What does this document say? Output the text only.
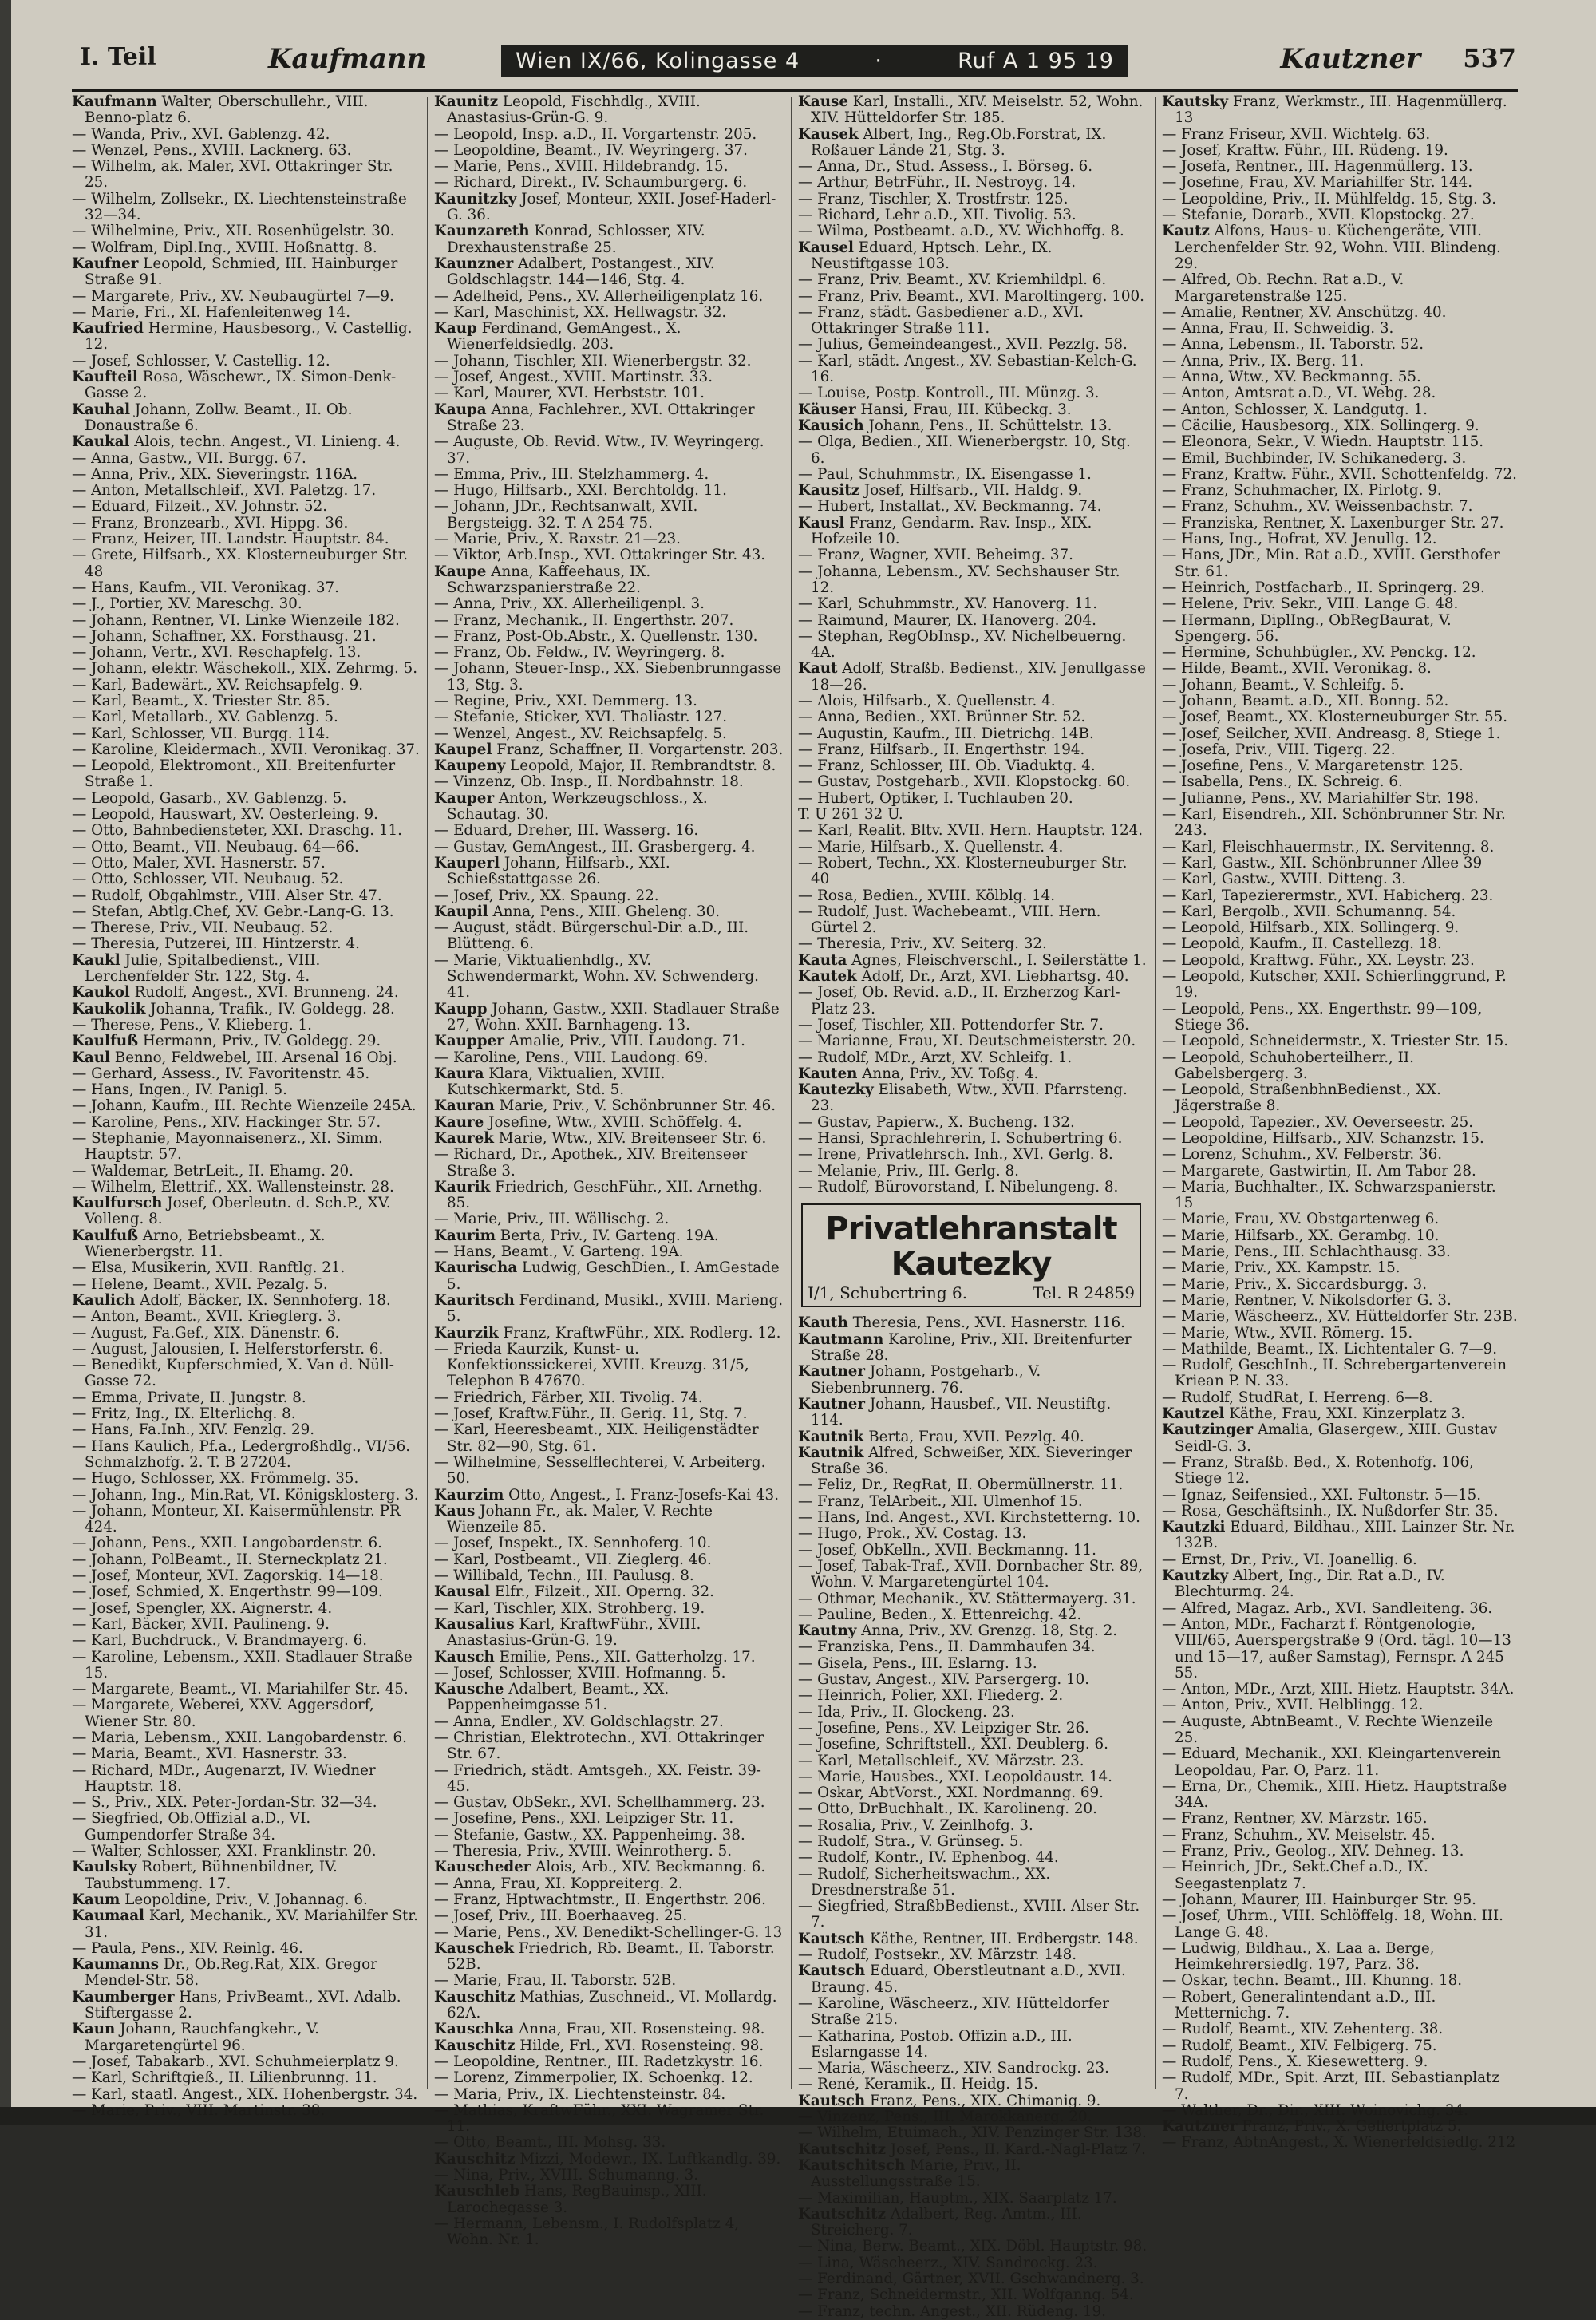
I. Teil	Kaufmann	Wien IX/66, Kolingasse 4	·	Ruf A 1 95 19	Kautzner 537

Kaufmann Walter, Oberschullehr., VIII. Benno-platz 6.

— Wanda, Priv., XVI. Gablenzg. 42.

— Wenzel, Pens., XVIII. Lacknerg. 63.

— Wilhelm, ak. Maler, XVI. Ottakringer Str. 25.

— Wilhelm, Zollsekr., IX. Liechtensteinstraße 32—34.

— Wilhelmine, Priv., XII. Rosenhügelstr. 30.

— Wolfram, Dipl.Ing., XVIII. Hoßnattg. 8.

Kaufner Leopold, Schmied, III. Hainburger Straße 91.

— Margarete, Priv., XV. Neubaugürtel 7—9.

— Marie, Fri., XI. Hafenleitenweg 14.

Kaufried Hermine, Hausbesorg., V. Castellig. 12.

— Josef, Schlosser, V. Castellig. 12.

Kaufteil Rosa, Wäschewr., IX. Simon-Denk-Gasse 2.

Kauhal Johann, Zollw. Beamt., II. Ob. Donaustraße 6.

Kaukal Alois, techn. Angest., VI. Linieng. 4.

— Anna, Gastw., VII. Burgg. 67.

— Anna, Priv., XIX. Sieveringstr. 116A.

— Anton, Metallschleif., XVI. Paletzg. 17.

— Eduard, Filzeit., XV. Johnstr. 52.

— Franz, Bronzearb., XVI. Hippg. 36.

— Franz, Heizer, III. Landstr. Hauptstr. 84.

— Grete, Hilfsarb., XX. Klosterneuburger Str. 48

— Hans, Kaufm., VII. Veronikag. 37.

— J., Portier, XV. Mareschg. 30.

— Johann, Rentner, VI. Linke Wienzeile 182.

— Johann, Schaffner, XX. Forsthausg. 21.

— Johann, Vertr., XVI. Reschapfelg. 13.

— Johann, elektr. Wäschekoll., XIX. Zehrmg. 5.

— Karl, Badewärt., XV. Reichsapfelg. 9.

— Karl, Beamt., X. Triester Str. 85.

— Karl, Metallarb., XV. Gablenzg. 5.

— Karl, Schlosser, VII. Burgg. 114.

— Karoline, Kleidermach., XVII. Veronikag. 37.

— Leopold, Elektromont., XII. Breitenfurter Straße 1.

— Leopold, Gasarb., XV. Gablenzg. 5.

— Leopold, Hauswart, XV. Oesterleing. 9.

— Otto, Bahnbediensteter, XXI. Draschg. 11.

— Otto, Beamt., VII. Neubaug. 64—66.

— Otto, Maler, XVI. Hasnerstr. 57.

— Otto, Schlosser, VII. Neubaug. 52.

— Rudolf, Obgahlmstr., VIII. Alser Str. 47.

— Stefan, Abtlg.Chef, XV. Gebr.-Lang-G. 13.

— Therese, Priv., VII. Neubaug. 52.

— Theresia, Putzerei, III. Hintzerstr. 4.

Kaukl Julie, Spitalbedienst., VIII. Lerchenfelder Str. 122, Stg. 4.

Kaukol Rudolf, Angest., XVI. Brunneng. 24.

Kaukolik Johanna, Trafik., IV. Goldegg. 28.

— Therese, Pens., V. Klieberg. 1.

Kaulfuß Hermann, Priv., IV. Goldegg. 29.

Kaul Benno, Feldwebel, III. Arsenal 16 Obj.

— Gerhard, Assess., IV. Favoritenstr. 45.

— Hans, Ingen., IV. Panigl. 5.

— Johann, Kaufm., III. Rechte Wienzeile 245A.

— Karoline, Pens., XIV. Hackinger Str. 57.

— Stephanie, Mayonnaisenerz., XI. Simm. Hauptstr. 57.

— Waldemar, BetrLeit., II. Ehamg. 20.

— Wilhelm, Elettrif., XX. Wallensteinstr. 28.

Kaulfursch Josef, Oberleutn. d. Sch.P., XV. Volleng. 8.

Kaulfuß Arno, Betriebsbeamt., X. Wienerbergstr. 11.

— Elsa, Musikerin, XVII. Ranftlg. 21.

— Helene, Beamt., XVII. Pezalg. 5.

Kaulich Adolf, Bäcker, IX. Sennhoferg. 18.

— Anton, Beamt., XVII. Krieglerg. 3.

— August, Fa.Gef., XIX. Dänenstr. 6.

— August, Jalousien, I. Helferstorferstr. 6.

— Benedikt, Kupferschmied, X. Van d. Nüll-Gasse 72.

— Emma, Private, II. Jungstr. 8.

— Fritz, Ing., IX. Elterlichg. 8.

— Hans, Fa.Inh., XIV. Fenzlg. 29.

— Hans Kaulich, Pf.a., Ledergroßhdlg., VI/56. Schmalzhofg. 2. T. B 27204.

— Hugo, Schlosser, XX. Frömmelg. 35.

— Johann, Ing., Min.Rat, VI. Königsklosterg. 3.

— Johann, Monteur, XI. Kaisermühlenstr. PR 424.

— Johann, Pens., XXII. Langobardenstr. 6.

— Johann, PolBeamt., II. Sterneckplatz 21.

— Josef, Monteur, XVI. Zagorskig. 14—18.

— Josef, Schmied, X. Engerthstr. 99—109.

— Josef, Spengler, XX. Aignerstr. 4.

— Karl, Bäcker, XVII. Paulineng. 9.

— Karl, Buchdruck., V. Brandmayerg. 6.

— Karoline, Lebensm., XXII. Stadlauer Straße 15.

— Margarete, Beamt., VI. Mariahilfer Str. 45.

— Margarete, Weberei, XXV. Aggersdorf, Wiener Str. 80.

— Maria, Lebensm., XXII. Langobardenstr. 6.

— Maria, Beamt., XVI. Hasnerstr. 33.

— Richard, MDr., Augenarzt, IV. Wiedner Hauptstr. 18.

— S., Priv., XIX. Peter-Jordan-Str. 32—34.

— Siegfried, Ob.Offizial a.D., VI. Gumpendorfer Straße 34.

— Walter, Schlosser, XXI. Franklinstr. 20.

Kaulsky Robert, Bühnenbildner, IV. Taubstummeng. 17.

Kaum Leopoldine, Priv., V. Johannag. 6.

Kaumaal Karl, Mechanik., XV. Mariahilfer Str. 31.

— Paula, Pens., XIV. Reinlg. 46.

Kaumanns Dr., Ob.Reg.Rat, XIX. Gregor Mendel-Str. 58.

Kaumberger Hans, PrivBeamt., XVI. Adalb. Stiftergasse 2.

Kaun Johann, Rauchfangkehr., V. Margaretengürtel 96.

— Josef, Tabakarb., XVI. Schuhmeierplatz 9.

— Karl, Schriftgieß., II. Lilienbrunng. 11.

— Karl, staatl. Angest., XIX. Hohenbergstr. 34.

— Marie, Priv., VIII. Martinstr. 38.

Kaunitz Leopold, Fischhdlg., XVIII. Anastasius-Grün-G. 9.

— Leopold, Insp. a.D., II. Vorgartenstr. 205.

— Leopoldine, Beamt., IV. Weyringerg. 37.

— Marie, Pens., XVIII. Hildebrandg. 15.

— Richard, Direkt., IV. Schaumburgerg. 6.

Kaunitzky Josef, Monteur, XXII. Josef-Haderl-G. 36.

Kaunzareth Konrad, Schlosser, XIV. Drexhaustenstraße 25.

Kaunzner Adalbert, Postangest., XIV. Goldschlagstr. 144—146, Stg. 4.

— Adelheid, Pens., XV. Allerheiligenplatz 16.

— Karl, Maschinist, XX. Hellwagstr. 32.

Kaup Ferdinand, GemAngest., X. Wienerfeldsiedlg. 203.

— Johann, Tischler, XII. Wienerbergstr. 32.

— Josef, Angest., XVIII. Martinstr. 33.

— Karl, Maurer, XVI. Herbststr. 101.

Kaupa Anna, Fachlehrer., XVI. Ottakringer Straße 23.

— Auguste, Ob. Revid. Wtw., IV. Weyringerg. 37.

— Emma, Priv., III. Stelzhammerg. 4.

— Hugo, Hilfsarb., XXI. Berchtoldg. 11.

— Johann, JDr., Rechtsanwalt, XVII. Bergsteigg. 32. T. A 254 75.

— Marie, Priv., X. Raxstr. 21—23.

— Viktor, Arb.Insp., XVI. Ottakringer Str. 43.

Kaupe Anna, Kaffeehaus, IX. Schwarzspanierstraße 22.

— Anna, Priv., XX. Allerheiligenpl. 3.

— Franz, Mechanik., II. Engerthstr. 207.

— Franz, Post-Ob.Abstr., X. Quellenstr. 130.

— Franz, Ob. Feldw., IV. Weyringerg. 8.

— Johann, Steuer-Insp., XX. Siebenbrunngasse 13, Stg. 3.

— Regine, Priv., XXI. Demmerg. 13.

— Stefanie, Sticker, XVI. Thaliastr. 127.

— Wenzel, Angest., XV. Reichsapfelg. 5.

Kaupel Franz, Schaffner, II. Vorgartenstr. 203.

Kaupeny Leopold, Major, II. Rembrandtstr. 8.

— Vinzenz, Ob. Insp., II. Nordbahnstr. 18.

Kauper Anton, Werkzeugschloss., X. Schautag. 30.

— Eduard, Dreher, III. Wasserg. 16.

— Gustav, GemAngest., III. Grasbergerg. 4.

Kauperl Johann, Hilfsarb., XXI. Schießstattgasse 26.

— Josef, Priv., XX. Spaung. 22.

Kaupil Anna, Pens., XIII. Gheleng. 30.

— August, städt. Bürgerschul-Dir. a.D., III. Blütteng. 6.

— Marie, Viktualienhdlg., XV. Schwendermarkt, Wohn. XV. Schwenderg. 41.

Kaupp Johann, Gastw., XXII. Stadlauer Straße 27, Wohn. XXII. Barnhageng. 13.

Kaupper Amalie, Priv., VIII. Laudong. 71.

— Karoline, Pens., VIII. Laudong. 69.

Kaura Klara, Viktualien, XVIII. Kutschkermarkt, Std. 5.

Kauran Marie, Priv., V. Schönbrunner Str. 46.

Kaure Josefine, Wtw., XVIII. Schöffelg. 4.

Kaurek Marie, Wtw., XIV. Breitenseer Str. 6.

— Richard, Dr., Apothek., XIV. Breitenseer Straße 3.

Kaurik Friedrich, GeschFühr., XII. Arnethg. 85.

— Marie, Priv., III. Wällischg. 2.

Kaurim Berta, Priv., IV. Garteng. 19A.

— Hans, Beamt., V. Garteng. 19A.

Kaurischa Ludwig, GeschDien., I. AmGestade 5.

Kauritsch Ferdinand, Musikl., XVIII. Marieng. 5.

Kaurzik Franz, KraftwFühr., XIX. Rodlerg. 12.

— Frieda Kaurzik, Kunst- u. Konfektionssickerei, XVIII. Kreuzg. 31/5, Telephon B 47670.

— Friedrich, Färber, XII. Tivolig. 74.

— Josef, Kraftw.Führ., II. Gerig. 11, Stg. 7.

— Karl, Heeresbeamt., XIX. Heiligenstädter Str. 82—90, Stg. 61.

— Wilhelmine, Sesselflechterei, V. Arbeiterg. 50.

Kaurzim Otto, Angest., I. Franz-Josefs-Kai 43.

Kaus Johann Fr., ak. Maler, V. Rechte Wienzeile 85.

— Josef, Inspekt., IX. Sennhoferg. 10.

— Karl, Postbeamt., VII. Zieglerg. 46.

— Willibald, Techn., III. Paulusg. 8.

Kausal Elfr., Filzeit., XII. Operng. 32.

— Karl, Tischler, XIX. Strohberg. 19.

Kausalius Karl, KraftwFühr., XVIII. Anastasius-Grün-G. 19.

Kausch Emilie, Pens., XII. Gatterholzg. 17.

— Josef, Schlosser, XVIII. Hofmanng. 5.

Kausche Adalbert, Beamt., XX. Pappenheimgasse 51.

— Anna, Endler., XV. Goldschlagstr. 27.

— Christian, Elektrotechn., XVI. Ottakringer Str. 67.

— Friedrich, städt. Amtsgeh., XX. Feistr. 39-45.

— Gustav, ObSekr., XVI. Schellhammerg. 23.

— Josefine, Pens., XXI. Leipziger Str. 11.

— Stefanie, Gastw., XX. Pappenheimg. 38.

— Theresia, Priv., XVIII. Weinrotherg. 5.

Kauscheder Alois, Arb., XIV. Beckmanng. 6.

— Anna, Frau, XI. Koppreiterg. 2.

— Franz, Hptwachtmstr., II. Engerthstr. 206.

— Josef, Priv., III. Boerhaaveg. 25.

— Marie, Pens., XV. Benedikt-Schellinger-G. 13

Kauschek Friedrich, Rb. Beamt., II. Taborstr. 52B.

— Marie, Frau, II. Taborstr. 52B.

Kauschitz Mathias, Zuschneid., VI. Mollardg. 62A.

Kauschka Anna, Frau, XII. Rosensteing. 98.

Kauschitz Hilde, Frl., XVI. Rosensteing. 98.

— Leopoldine, Rentner., III. Radetzkystr. 16.

— Lorenz, Zimmerpolier, IX. Schoenkg. 12.

— Maria, Priv., IX. Liechtensteinstr. 84.

— Mathias, KraftwFühr., XXI. Wagramer Str. 11.

— Otto, Beamt., III. Mohsg. 33.

Kauschitz Mizzi, Modewr., IX. Luftkandlg. 39.

— Nina, Priv., XVIII. Schumanng. 3.

Kauschleb Hans, RegBauinsp., XIII. Larochegasse 3.

— Hermann, Lebensm., I. Rudolfsplatz 4, Wohn. Nr. 1.

Kause Karl, Installi., XIV. Meiselstr. 52, Wohn. XIV. Hütteldorfer Str. 185.

Kausek Albert, Ing., Reg.Ob.Forstrat, IX. Roßauer Lände 21, Stg. 3.

— Anna, Dr., Stud. Assess., I. Börseg. 6.

— Arthur, BetrFühr., II. Nestroyg. 14.

— Franz, Tischler, X. Trostfrstr. 125.

— Richard, Lehr a.D., XII. Tivolig. 53.

— Wilma, Postbeamt. a.D., XV. Wichhoffg. 8.

Kausel Eduard, Hptsch. Lehr., IX. Neustiftgasse 103.

— Franz, Priv. Beamt., XV. Kriemhildpl. 6.

— Franz, Priv. Beamt., XVI. Maroltingerg. 100.

— Franz, städt. Gasbediener a.D., XVI. Ottakringer Straße 111.

— Julius, Gemeindeangest., XVII. Pezzlg. 58.

— Karl, städt. Angest., XV. Sebastian-Kelch-G. 16.

— Louise, Postp. Kontroll., III. Münzg. 3.

Käuser Hansi, Frau, III. Kübeckg. 3.

Kausich Johann, Pens., II. Schüttelstr. 13.

— Olga, Bedien., XII. Wienerbergstr. 10, Stg. 6.

— Paul, Schuhmmstr., IX. Eisengasse 1.

Kausitz Josef, Hilfsarb., VII. Haldg. 9.

— Hubert, Installat., XV. Beckmanng. 74.

Kausl Franz, Gendarm. Rav. Insp., XIX. Hofzeile 10.

— Franz, Wagner, XVII. Beheimg. 37.

— Johanna, Lebensm., XV. Sechshauser Str. 12.

— Karl, Schuhmmstr., XV. Hanoverg. 11.

— Raimund, Maurer, IX. Hanoverg. 204.

— Stephan, RegObInsp., XV. Nichelbeuerng. 4A.

Kaut Adolf, Straßb. Bedienst., XIV. Jenullgasse 18—26.

— Alois, Hilfsarb., X. Quellenstr. 4.

— Anna, Bedien., XXI. Brünner Str. 52.

— Augustin, Kaufm., III. Dietrichg. 14B.

— Franz, Hilfsarb., II. Engerthstr. 194.

— Franz, Schlosser, III. Ob. Viaduktg. 4.

— Gustav, Postgeharb., XVII. Klopstockg. 60.

— Hubert, Optiker, I. Tuchlauben 20.

T. U 261 32 U.

— Karl, Realit. Bltv. XVII. Hern. Hauptstr. 124.

— Marie, Hilfsarb., X. Quellenstr. 4.

— Robert, Techn., XX. Klosterneuburger Str. 40

— Rosa, Bedien., XVIII. Kölblg. 14.

— Rudolf, Just. Wachebeamt., VIII. Hern. Gürtel 2.

— Theresia, Priv., XV. Seiterg. 32.

Kauta Agnes, Fleischverschl., I. Seilerstätte 1.

Kautek Adolf, Dr., Arzt, XVI. Liebhartsg. 40.

— Josef, Ob. Revid. a.D., II. Erzherzog Karl-Platz 23.

— Josef, Tischler, XII. Pottendorfer Str. 7.

— Marianne, Frau, XI. Deutschmeisterstr. 20.

— Rudolf, MDr., Arzt, XV. Schleifg. 1.

Kauten Anna, Priv., XV. Toßg. 4.

Kautezky Elisabeth, Wtw., XVII. Pfarrsteng. 23.

— Gustav, Papierw., X. Bucheng. 132.

— Hansi, Sprachlehrerin, I. Schubertring 6.

— Irene, Privatlehrsch. Inh., XVI. Gerlg. 8.

— Melanie, Priv., III. Gerlg. 8.

— Rudolf, Bürovorstand, I. Nibelungeng. 8.

Privatlehranstalt Kautezky
I/1, Schubertring 6.	Tel. R 24859

Kauth Theresia, Pens., XVI. Hasnerstr. 116.

Kautmann Karoline, Priv., XII. Breitenfurter Straße 28.

Kautner Johann, Postgeharb., V. Siebenbrunnerg. 76.

Kautner Johann, Hausbef., VII. Neustiftg. 114.

Kautnik Berta, Frau, XVII. Pezzlg. 40.

Kautnik Alfred, Schweißer, XIX. Sieveringer Straße 36.

— Feliz, Dr., RegRat, II. Obermüllnerstr. 11.

— Franz, TelArbeit., XII. Ulmenhof 15.

— Hans, Ind. Angest., XVI. Kirchstetterng. 10.

— Hugo, Prok., XV. Costag. 13.

— Josef, ObKelln., XVII. Beckmanng. 11.

— Josef, Tabak-Traf., XVII. Dornbacher Str. 89, Wohn. V. Margaretengürtel 104.

— Othmar, Mechanik., XV. Stättermayerg. 31.

— Pauline, Beden., X. Ettenreichg. 42.

Kautny Anna, Priv., XV. Grenzg. 18, Stg. 2.

— Franziska, Pens., II. Dammhaufen 34.

— Gisela, Pens., III. Eslarng. 13.

— Gustav, Angest., XIV. Parsergerg. 10.

— Heinrich, Polier, XXI. Fliederg. 2.

— Ida, Priv., II. Glockeng. 23.

— Josefine, Pens., XV. Leipziger Str. 26.

— Josefine, Schriftstell., XXI. Deublerg. 6.

— Karl, Metallschleif., XV. Märzstr. 23.

— Marie, Hausbes., XXI. Leopoldaustr. 14.

— Oskar, AbtVorst., XXI. Nordmanng. 69.

— Otto, DrBuchhalt., IX. Karolineng. 20.

— Rosalia, Priv., V. Zeinlhofg. 3.

— Rudolf, Stra., V. Grünseg. 5.

— Rudolf, Kontr., IV. Ephenbog. 44.

— Rudolf, Sicherheitswachm., XX. Dresdnerstraße 51.

— Siegfried, StraßbBedienst., XVIII. Alser Str. 7.

Kautsch Käthe, Rentner, III. Erdbergstr. 148.

— Rudolf, Postsekr., XV. Märzstr. 148.

Kautsch Eduard, Oberstleutnant a.D., XVII. Braung. 45.

— Karoline, Wäscheerz., XIV. Hütteldorfer Straße 215.

— Katharina, Postob. Offizin a.D., III. Eslarngasse 14.

— Maria, Wäscheerz., XIV. Sandrockg. 23.

— René, Keramik., II. Heidg. 15.

Kautsch Franz, Pens., XIX. Chimanig. 9.

— Vinzenz, Pens., III. Marokkanerg. 20.

— Wilhelm, Etuimach., XIV. Penzinger Str. 138.

Kautschitz Josef, Pens., II. Kard.-Nagl-Platz 7.

Kautschitsch Marie, Priv., II. Ausstellungsstraße 15.

— Maximilian, Hauptm., XIX. Saarplatz 17.

Kautschitz Adalbert, Reg. Amtm., III. Streicherg. 7.

— Nina, Berw. Beamt., XIX. Döbl. Hauptstr. 98.

— Lina, Wäscheerz., XIV. Sandrockg. 23.

— Ferdinand, Gärtner, XVII. Gschwandnerg. 3.

— Franz, Schneidermstr., XII. Wolfganng. 54.

— Franz, techn. Angest., XII. Rüdeng. 19.

Kautsky Franz, Werkmstr., III. Hagenmüllerg. 13

— Franz Friseur, XVII. Wichtelg. 63.

— Josef, Kraftw. Führ., III. Rüdeng. 19.

— Josefa, Rentner., III. Hagenmüllerg. 13.

— Josefine, Frau, XV. Mariahilfer Str. 144.

— Leopoldine, Priv., II. Mühlfeldg. 15, Stg. 3.

— Stefanie, Dorarb., XVII. Klopstockg. 27.

Kautz Alfons, Haus- u. Küchengeräte, VIII. Lerchenfelder Str. 92, Wohn. VIII. Blindeng. 29.

— Alfred, Ob. Rechn. Rat a.D., V. Margaretenstraße 125.

— Amalie, Rentner, XV. Anschützg. 40.

— Anna, Frau, II. Schweidig. 3.

— Anna, Lebensm., II. Taborstr. 52.

— Anna, Priv., IX. Berg. 11.

— Anna, Wtw., XV. Beckmanng. 55.

— Anton, Amtsrat a.D., VI. Webg. 28.

— Anton, Schlosser, X. Landgutg. 1.

— Cäcilie, Hausbesorg., XIX. Sollingerg. 9.

— Eleonora, Sekr., V. Wiedn. Hauptstr. 115.

— Emil, Buchbinder, IV. Schikanederg. 3.

— Franz, Kraftw. Führ., XVII. Schottenfeldg. 72.

— Franz, Schuhmacher, IX. Pirlotg. 9.

— Franz, Schuhm., XV. Weissenbachstr. 7.

— Franziska, Rentner, X. Laxenburger Str. 27.

— Hans, Ing., Hofrat, XV. Jenullg. 12.

— Hans, JDr., Min. Rat a.D., XVIII. Gersthofer Str. 61.

— Heinrich, Postfacharb., II. Springerg. 29.

— Helene, Priv. Sekr., VIII. Lange G. 48.

— Hermann, DiplIng., ObRegBaurat, V. Spengerg. 56.

— Hermine, Schuhbügler., XV. Penckg. 12.

— Hilde, Beamt., XVII. Veronikag. 8.

— Johann, Beamt., V. Schleifg. 5.

— Johann, Beamt. a.D., XII. Bonng. 52.

— Josef, Beamt., XX. Klosterneuburger Str. 55.

— Josef, Seilcher, XVII. Andreasg. 8, Stiege 1.

— Josefa, Priv., VIII. Tigerg. 22.

— Josefine, Pens., V. Margaretenstr. 125.

— Isabella, Pens., IX. Schreig. 6.

— Julianne, Pens., XV. Mariahilfer Str. 198.

— Karl, Eisendreh., XII. Schönbrunner Str. Nr. 243.

— Karl, Fleischhauermstr., IX. Servitenng. 8.

— Karl, Gastw., XII. Schönbrunner Allee 39

— Karl, Gastw., XVIII. Ditteng. 3.

— Karl, Tapezierermstr., XVI. Habicherg. 23.

— Karl, Bergolb., XVII. Schumanng. 54.

— Leopold, Hilfsarb., XIX. Sollingerg. 9.

— Leopold, Kaufm., II. Castellezg. 18.

— Leopold, Kraftwg. Führ., XX. Leystr. 23.

— Leopold, Kutscher, XXII. Schierlinggrund, P. 19.

— Leopold, Pens., XX. Engerthstr. 99—109, Stiege 36.

— Leopold, Schneidermstr., X. Triester Str. 15.

— Leopold, Schuhoberteilherr., II. Gabelsbergerg. 3.

— Leopold, StraßenbhnBedienst., XX. Jägerstraße 8.

— Leopold, Tapezier., XV. Oeverseestr. 25.

— Leopoldine, Hilfsarb., XIV. Schanzstr. 15.

— Lorenz, Schuhm., XV. Felberstr. 36.

— Margarete, Gastwirtin, II. Am Tabor 28.

— Maria, Buchhalter., IX. Schwarzspanierstr. 15

— Marie, Frau, XV. Obstgartenweg 6.

— Marie, Hilfsarb., XX. Gerambg. 10.

— Marie, Pens., III. Schlachthausg. 33.

— Marie, Priv., XX. Kampstr. 15.

— Marie, Priv., X. Siccardsburgg. 3.

— Marie, Rentner, V. Nikolsdorfer G. 3.

— Marie, Wäscheerz., XV. Hütteldorfer Str. 23B.

— Marie, Wtw., XVII. Römerg. 15.

— Mathilde, Beamt., IX. Lichtentaler G. 7—9.

— Rudolf, GeschInh., II. Schrebergartenverein Kriean P. N. 33.

— Rudolf, StudRat, I. Herreng. 6—8.

Kautzel Käthe, Frau, XXI. Kinzerplatz 3.

Kautzinger Amalia, Glasergew., XIII. Gustav Seidl-G. 3.

— Franz, Straßb. Bed., X. Rotenhofg. 106, Stiege 12.

— Ignaz, Seifensied., XXI. Fultonstr. 5—15.

— Rosa, Geschäftsinh., IX. Nußdorfer Str. 35.

Kautzki Eduard, Bildhau., XIII. Lainzer Str. Nr. 132B.

— Ernst, Dr., Priv., VI. Joanellig. 6.

Kautzky Albert, Ing., Dir. Rat a.D., IV. Blechturmg. 24.

— Alfred, Magaz. Arb., XVI. Sandleiteng. 36.

— Anton, MDr., Facharzt f. Röntgenologie, VIII/65, Auerspergstraße 9 (Ord. tägl. 10—13 und 15—17, außer Samstag), Fernspr. A 245 55.

— Anton, MDr., Arzt, XIII. Hietz. Hauptstr. 34A.

— Anton, Priv., XVII. Helblingg. 12.

— Auguste, AbtnBeamt., V. Rechte Wienzeile 25.

— Eduard, Mechanik., XXI. Kleingartenverein Leopoldau, Par. O, Parz. 11.

— Erna, Dr., Chemik., XIII. Hietz. Hauptstraße 34A.

— Franz, Rentner, XV. Märzstr. 165.

— Franz, Schuhm., XV. Meiselstr. 45.

— Franz, Priv., Geolog., XIV. Dehneg. 13.

— Heinrich, JDr., Sekt.Chef a.D., IX. Seegastenplatz 7.

— Johann, Maurer, III. Hainburger Str. 95.

— Josef, Uhrm., VIII. Schlöffelg. 18, Wohn. III. Lange G. 48.

— Ludwig, Bildhau., X. Laa a. Berge, Heimkehrersiedlg. 197, Parz. 38.

— Oskar, techn. Beamt., III. Khunng. 18.

— Robert, Generalintendant a.D., III. Metternichg. 7.

— Rudolf, Beamt., XIV. Zehenterg. 38.

— Rudolf, Beamt., XIV. Felbigerg. 75.

— Rudolf, Pens., X. Kiesewetterg. 9.

— Rudolf, MDr., Spit. Arzt, III. Sebastianplatz 7.

— Walther, Dr., Dir., XIII. Woinovichg. 34.

Kautzner Franz, Priv., X. Gellertplatz 5.

— Franz, AbtnAngest., X. Wienerfeldsiedlg. 212
